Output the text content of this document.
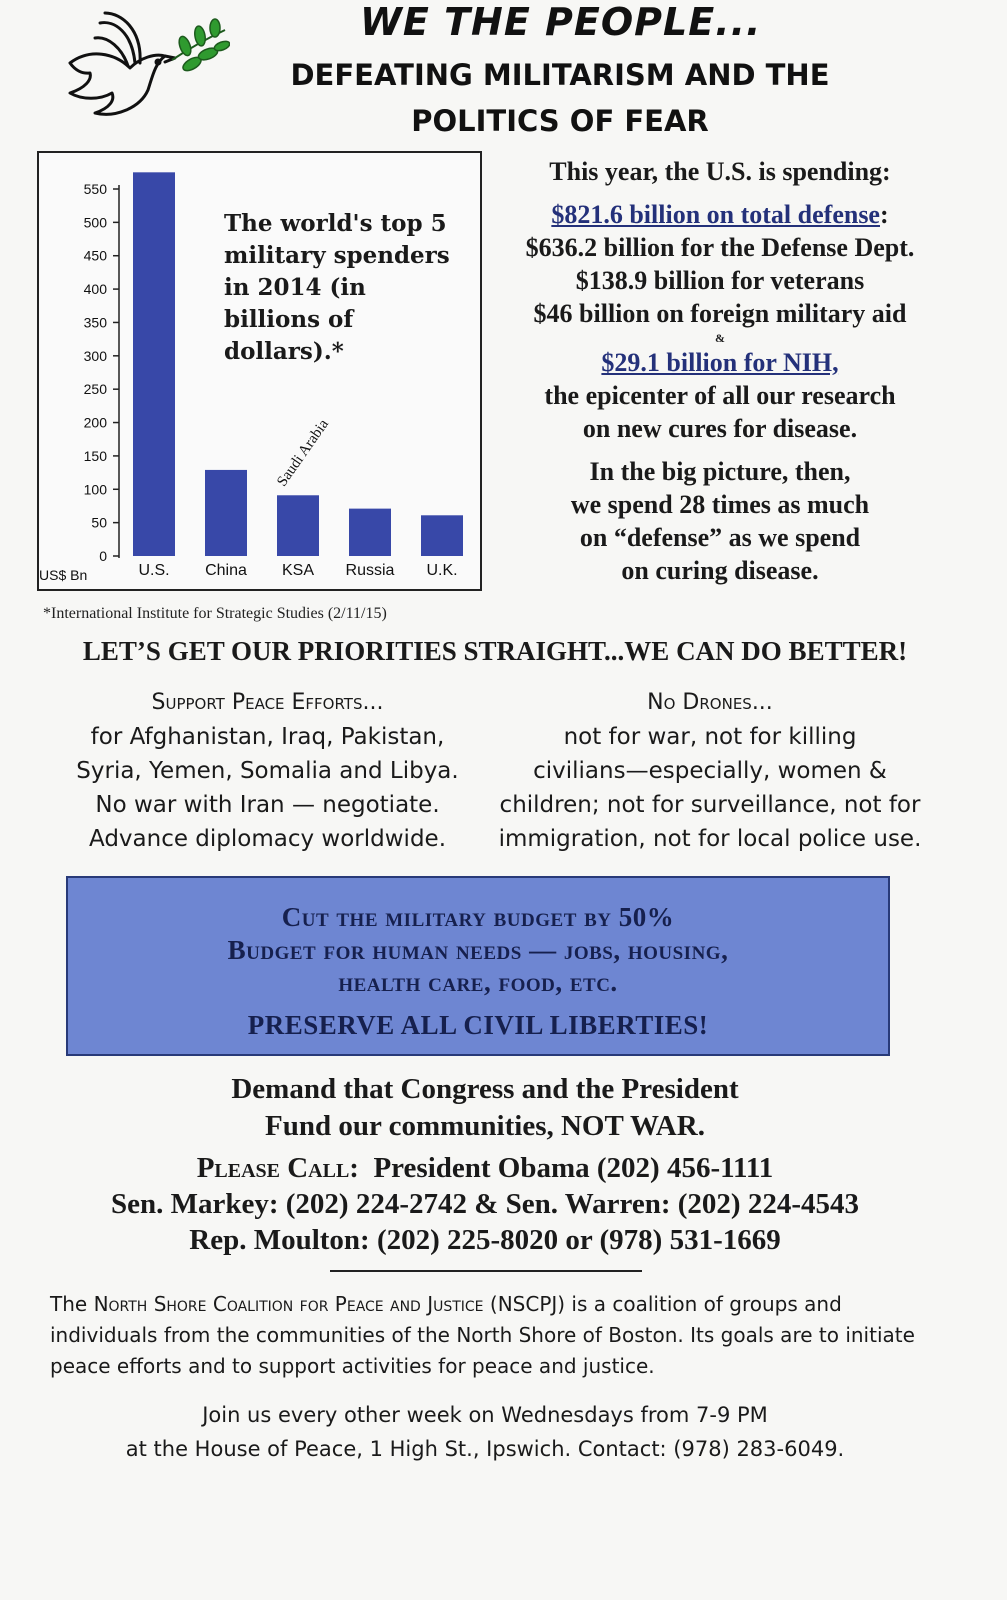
WE THE PEOPLE...
DEFEATING MILITARISM AND THE
POLITICS OF FEAR
0
50
100
150
200
250
300
350
400
450
500
550
U.S. China KSA Russia U.K.
US$ Bn
Saudi Arabia
The world's top 5 military spenders in 2014 (in billions of dollars).*
*International Institute for Strategic Studies (2/11/15)
This year, the U.S. is spending:
$821.6 billion on total defense:
$636.2 billion for the Defense Dept.
$138.9 billion for veterans
$46 billion on foreign military aid
&
$29.1 billion for NIH,
the epicenter of all our research
on new cures for disease.
In the big picture, then,
we spend 28 times as much
on “defense” as we spend
on curing disease.
LET’S GET OUR PRIORITIES STRAIGHT...WE CAN DO BETTER!
Support Peace Efforts...
for Afghanistan, Iraq, Pakistan,
Syria, Yemen, Somalia and Libya.
No war with Iran — negotiate.
Advance diplomacy worldwide.
No Drones...
not for war, not for killing
civilians—especially, women &
children; not for surveillance, not for
immigration, not for local police use.
Cut the military budget by 50%
Budget for human needs — jobs, housing,
health care, food, etc.
PRESERVE ALL CIVIL LIBERTIES!
Demand that Congress and the President
Fund our communities, NOT WAR.
Please Call: President Obama (202) 456-1111
Sen. Markey: (202) 224-2742 & Sen. Warren: (202) 224-4543
Rep. Moulton: (202) 225-8020 or (978) 531-1669
The North Shore Coalition for Peace and Justice (NSCPJ) is a coalition of groups and individuals from the communities of the North Shore of Boston. Its goals are to initiate peace efforts and to support activities for peace and justice.
Join us every other week on Wednesdays from 7-9 PM
at the House of Peace, 1 High St., Ipswich. Contact: (978) 283-6049.
